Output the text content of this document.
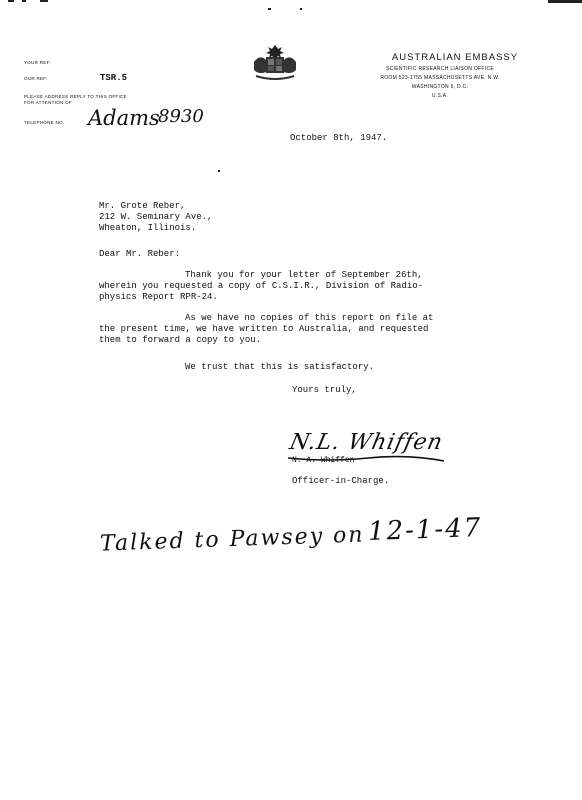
AUSTRALIAN EMBASSY
SCIENTIFIC RESEARCH LIAISON OFFICE
ROOM 523-1755 MASSACHUSETTS AVE. N.W.
WASHINGTON 6, D.C.
U.S.A.
YOUR REF:
OUR REF.	TSR.5
PLEASE ADDRESS REPLY TO THIS OFFICE
FOR ATTENTION OF
TELEPHONE NO. Adams
8930
October 8th, 1947.
Mr. Grote Reber,
212 W. Seminary Ave.,
Wheaton, Illinois.
Dear Mr. Reber:
Thank you for your letter of September 26th,
wherein you requested a copy of C.S.I.R., Division of Radio-
physics Report RPR-24.
As we have no copies of this report on file at
the present time, we have written to Australia, and requested
them to forward a copy to you.
We trust that this is satisfactory.
Yours truly,
N.L. Whiffen
N. A. Whiffen
Officer-in-Charge.
Talked to Pawsey on 12-1-47
